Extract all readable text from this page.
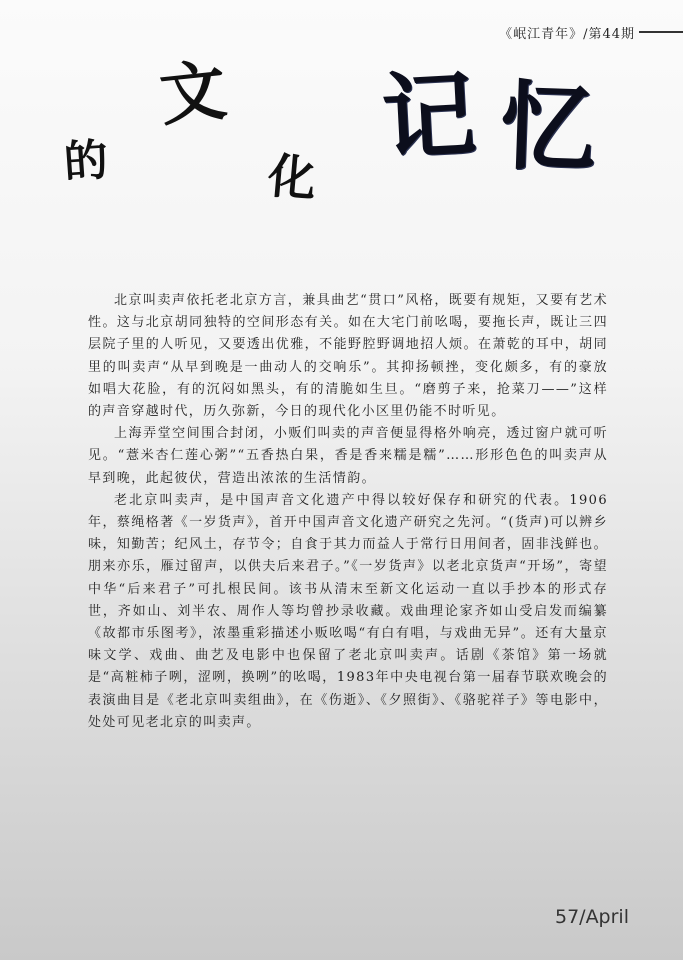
《岷江青年》/第44期
的
文
化
记 忆

北京叫卖声依托老北京方言，兼具曲艺“贯口”风格，既要有规矩，又要有艺术性。这与北京胡同独特的空间形态有关。如在大宅门前吆喝，要拖长声，既让三四层院子里的人听见，又要透出优雅，不能野腔野调地招人烦。在萧乾的耳中，胡同里的叫卖声“从早到晚是一曲动人的交响乐”。其抑扬顿挫，变化颇多，有的豪放如唱大花脸，有的沉闷如黑头，有的清脆如生旦。“磨剪子来，抢菜刀——”这样的声音穿越时代，历久弥新，今日的现代化小区里仍能不时听见。

上海弄堂空间围合封闭，小贩们叫卖的声音便显得格外响亮，透过窗户就可听见。“薏米杏仁莲心粥”“五香热白果，香是香来糯是糯”……形形色色的叫卖声从早到晚，此起彼伏，营造出浓浓的生活情韵。

老北京叫卖声，是中国声音文化遗产中得以较好保存和研究的代表。1906年，蔡绳格著《一岁货声》，首开中国声音文化遗产研究之先河。“(货声)可以辨乡味，知勤苦；纪风土，存节令；自食于其力而益人于常行日用间者，固非浅鲜也。朋来亦乐，雁过留声，以供夫后来君子。”《一岁货声》以老北京货声“开场”，寄望中华“后来君子”可扎根民间。该书从清末至新文化运动一直以手抄本的形式存世，齐如山、刘半农、周作人等均曾抄录收藏。戏曲理论家齐如山受启发而编纂《故都市乐图考》，浓墨重彩描述小贩吆喝“有白有唱，与戏曲无异”。还有大量京味文学、戏曲、曲艺及电影中也保留了老北京叫卖声。话剧《茶馆》第一场就是“高粧柿子咧，涩咧，换咧”的吆喝，1983年中央电视台第一届春节联欢晚会的表演曲目是《老北京叫卖组曲》，在《伤逝》、《夕照街》、《骆驼祥子》等电影中，处处可见老北京的叫卖声。

57/April
